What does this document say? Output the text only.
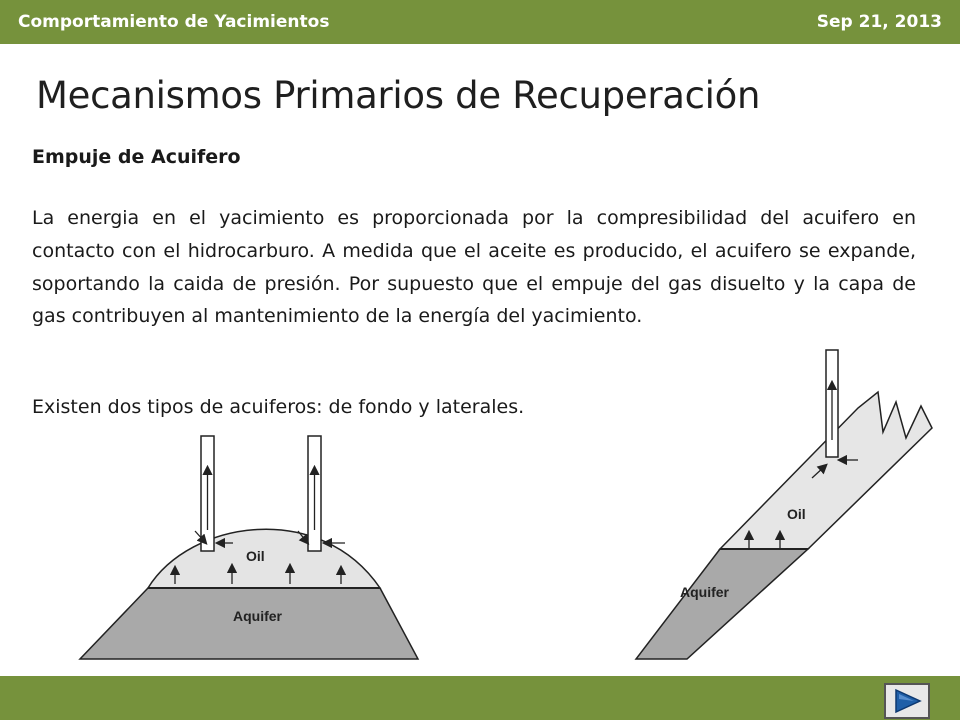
Comportamiento de Yacimientos	Sep 21, 2013
Mecanismos Primarios de Recuperación
Empuje de Acuifero
La energia en el yacimiento es proporcionada por la compresibilidad del acuifero en contacto con el hidrocarburo. A medida que el aceite es producido, el acuifero se expande, soportando la caida de presión. Por supuesto que el empuje del gas disuelto y la capa de gas contribuyen al mantenimiento de la energía del yacimiento.
Existen dos tipos de acuiferos: de fondo y laterales.
Oil
Aquifer
Oil
Aquifer
